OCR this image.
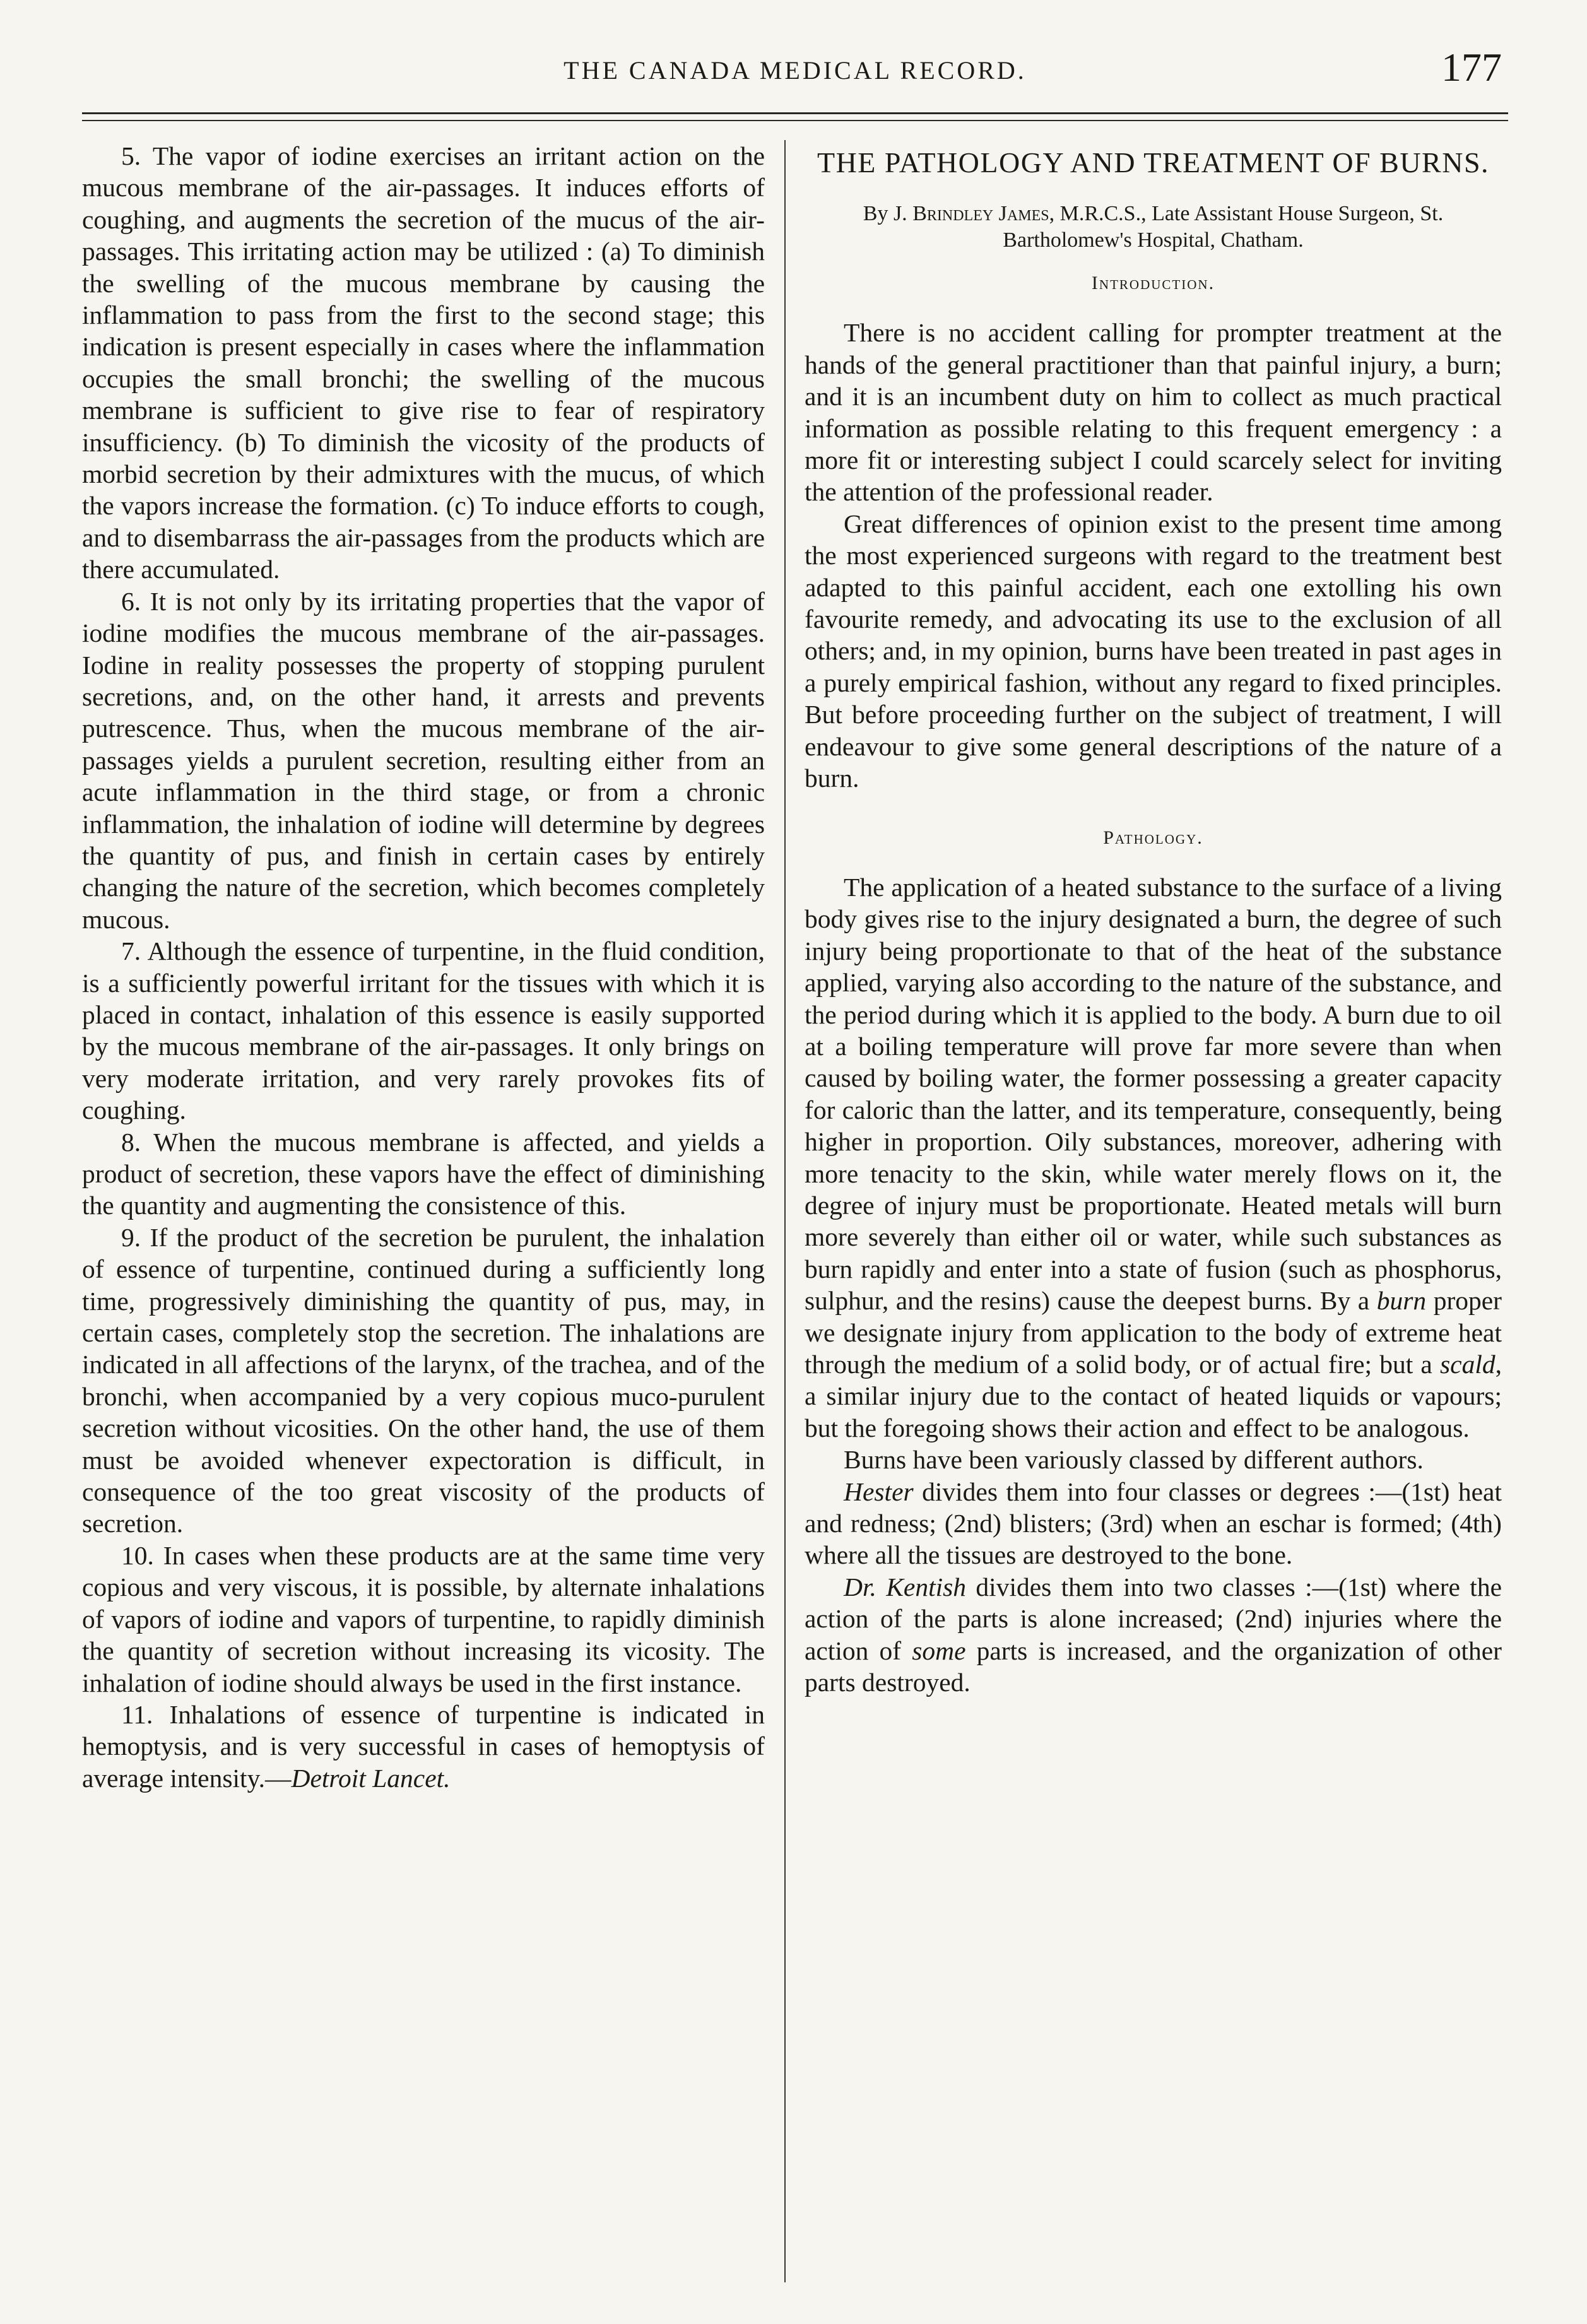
THE CANADA MEDICAL RECORD.	177

5. The vapor of iodine exercises an irritant action on the mucous membrane of the air-passages. It induces efforts of coughing, and augments the secretion of the mucus of the air-passages. This irritating action may be utilized : (a) To diminish the swelling of the mucous membrane by causing the inflammation to pass from the first to the second stage; this indication is present especially in cases where the inflammation occupies the small bronchi; the swelling of the mucous membrane is sufficient to give rise to fear of respiratory insufficiency. (b) To diminish the vicosity of the products of morbid secretion by their admixtures with the mucus, of which the vapors increase the formation. (c) To induce efforts to cough, and to disembarrass the air-passages from the products which are there accumulated.

6. It is not only by its irritating properties that the vapor of iodine modifies the mucous membrane of the air-passages. Iodine in reality possesses the property of stopping purulent secretions, and, on the other hand, it arrests and prevents putrescence. Thus, when the mucous membrane of the air-passages yields a purulent secretion, resulting either from an acute inflammation in the third stage, or from a chronic inflammation, the inhalation of iodine will determine by degrees the quantity of pus, and finish in certain cases by entirely changing the nature of the secretion, which becomes completely mucous.

7. Although the essence of turpentine, in the fluid condition, is a sufficiently powerful irritant for the tissues with which it is placed in contact, inhalation of this essence is easily supported by the mucous membrane of the air-passages. It only brings on very moderate irritation, and very rarely provokes fits of coughing.

8. When the mucous membrane is affected, and yields a product of secretion, these vapors have the effect of diminishing the quantity and augmenting the consistence of this.

9. If the product of the secretion be purulent, the inhalation of essence of turpentine, continued during a sufficiently long time, progressively diminishing the quantity of pus, may, in certain cases, completely stop the secretion. The inhalations are indicated in all affections of the larynx, of the trachea, and of the bronchi, when accompanied by a very copious muco-purulent secretion without vicosities. On the other hand, the use of them must be avoided whenever expectoration is difficult, in consequence of the too great viscosity of the products of secretion.

10. In cases when these products are at the same time very copious and very viscous, it is possible, by alternate inhalations of vapors of iodine and vapors of turpentine, to rapidly diminish the quantity of secretion without increasing its vicosity. The inhalation of iodine should always be used in the first instance.

11. Inhalations of essence of turpentine is indicated in hemoptysis, and is very successful in cases of hemoptysis of average intensity.—Detroit Lancet.

THE PATHOLOGY AND TREATMENT OF BURNS.
By J. Brindley James, M.R.C.S., Late Assistant House Surgeon, St. Bartholomew's Hospital, Chatham.
Introduction.

There is no accident calling for prompter treatment at the hands of the general practitioner than that painful injury, a burn; and it is an incumbent duty on him to collect as much practical information as possible relating to this frequent emergency : a more fit or interesting subject I could scarcely select for inviting the attention of the professional reader.

Great differences of opinion exist to the present time among the most experienced surgeons with regard to the treatment best adapted to this painful accident, each one extolling his own favourite remedy, and advocating its use to the exclusion of all others; and, in my opinion, burns have been treated in past ages in a purely empirical fashion, without any regard to fixed principles. But before proceeding further on the subject of treatment, I will endeavour to give some general descriptions of the nature of a burn.

Pathology.

The application of a heated substance to the surface of a living body gives rise to the injury designated a burn, the degree of such injury being proportionate to that of the heat of the substance applied, varying also according to the nature of the substance, and the period during which it is applied to the body. A burn due to oil at a boiling temperature will prove far more severe than when caused by boiling water, the former possessing a greater capacity for caloric than the latter, and its temperature, consequently, being higher in proportion. Oily substances, moreover, adhering with more tenacity to the skin, while water merely flows on it, the degree of injury must be proportionate. Heated metals will burn more severely than either oil or water, while such substances as burn rapidly and enter into a state of fusion (such as phosphorus, sulphur, and the resins) cause the deepest burns. By a burn proper we designate injury from application to the body of extreme heat through the medium of a solid body, or of actual fire; but a scald, a similar injury due to the contact of heated liquids or vapours; but the foregoing shows their action and effect to be analogous.

Burns have been variously classed by different authors.

Hester divides them into four classes or degrees :—(1st) heat and redness; (2nd) blisters; (3rd) when an eschar is formed; (4th) where all the tissues are destroyed to the bone.

Dr. Kentish divides them into two classes :—(1st) where the action of the parts is alone increased; (2nd) injuries where the action of some parts is increased, and the organization of other parts destroyed.
